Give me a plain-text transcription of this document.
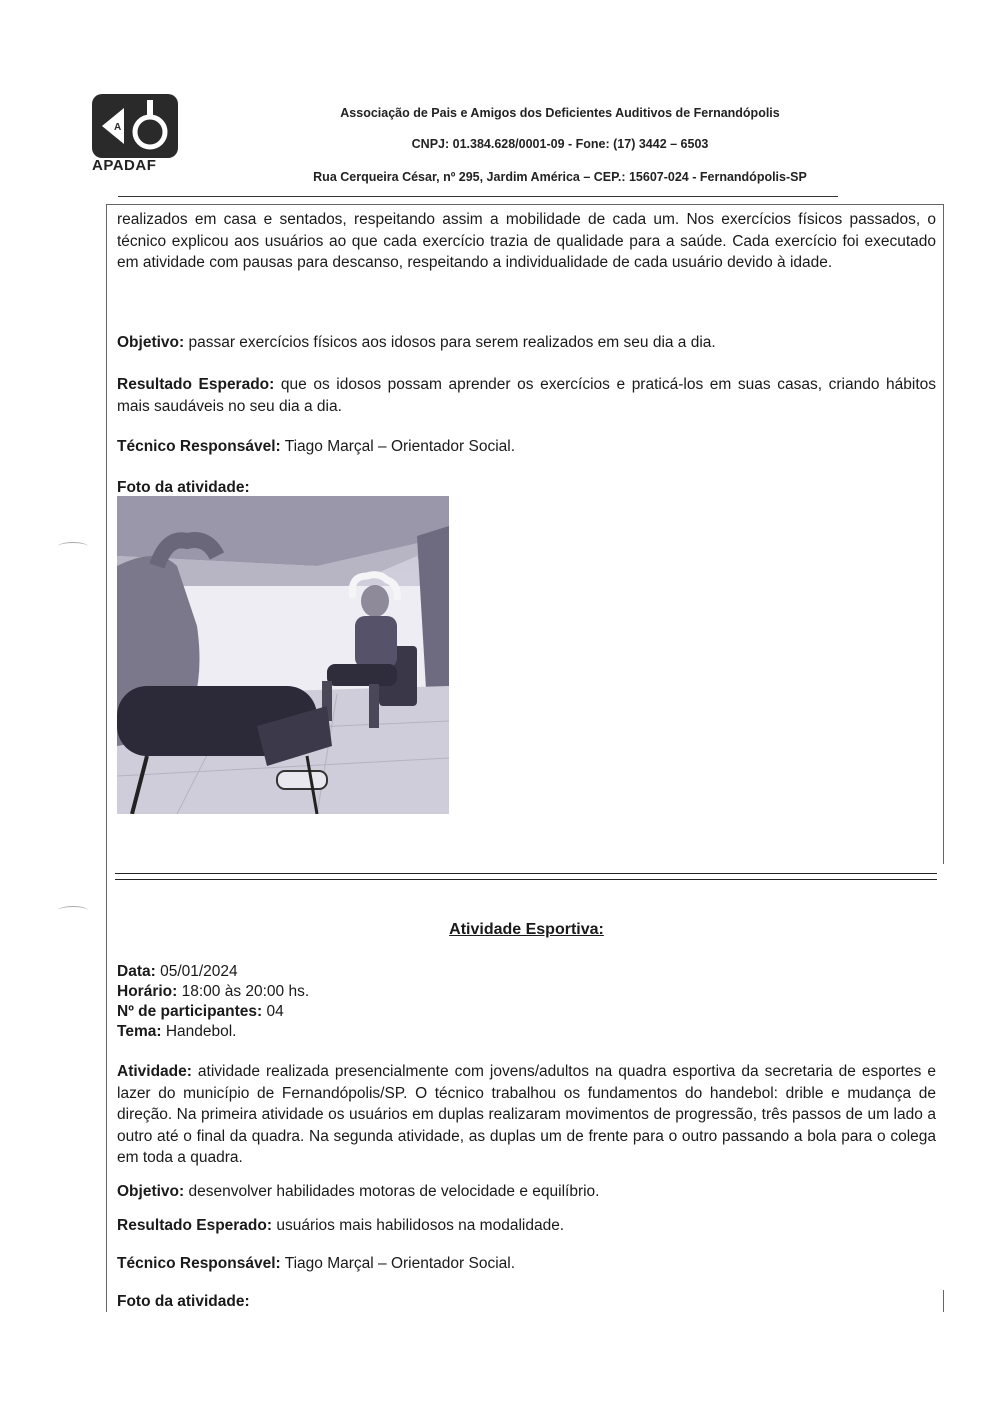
A
APADAF
Associação de Pais e Amigos dos Deficientes Auditivos de Fernandópolis
CNPJ: 01.384.628/0001-09 - Fone: (17) 3442 – 6503
Rua Cerqueira César, nº 295, Jardim América – CEP.: 15607-024 - Fernandópolis-SP
realizados em casa e sentados, respeitando assim a mobilidade de cada um. Nos exercícios físicos passados, o técnico explicou aos usuários ao que cada exercício trazia de qualidade para a saúde. Cada exercício foi executado em atividade com pausas para descanso, respeitando a individualidade de cada usuário devido à idade.
Objetivo: passar exercícios físicos aos idosos para serem realizados em seu dia a dia.
Resultado Esperado: que os idosos possam aprender os exercícios e praticá-los em suas casas, criando hábitos mais saudáveis no seu dia a dia.
Técnico Responsável: Tiago Marçal – Orientador Social.
Foto da atividade:
Atividade Esportiva:
Data: 05/01/2024
Horário: 18:00 às 20:00 hs.
Nº de participantes: 04
Tema: Handebol.
Atividade: atividade realizada presencialmente com jovens/adultos na quadra esportiva da secretaria de esportes e lazer do município de Fernandópolis/SP. O técnico trabalhou os fundamentos do handebol: drible e mudança de direção. Na primeira atividade os usuários em duplas realizaram movimentos de progressão, três passos de um lado a outro até o final da quadra. Na segunda atividade, as duplas um de frente para o outro passando a bola para o colega em toda a quadra.
Objetivo: desenvolver habilidades motoras de velocidade e equilíbrio.
Resultado Esperado: usuários mais habilidosos na modalidade.
Técnico Responsável: Tiago Marçal – Orientador Social.
Foto da atividade:
